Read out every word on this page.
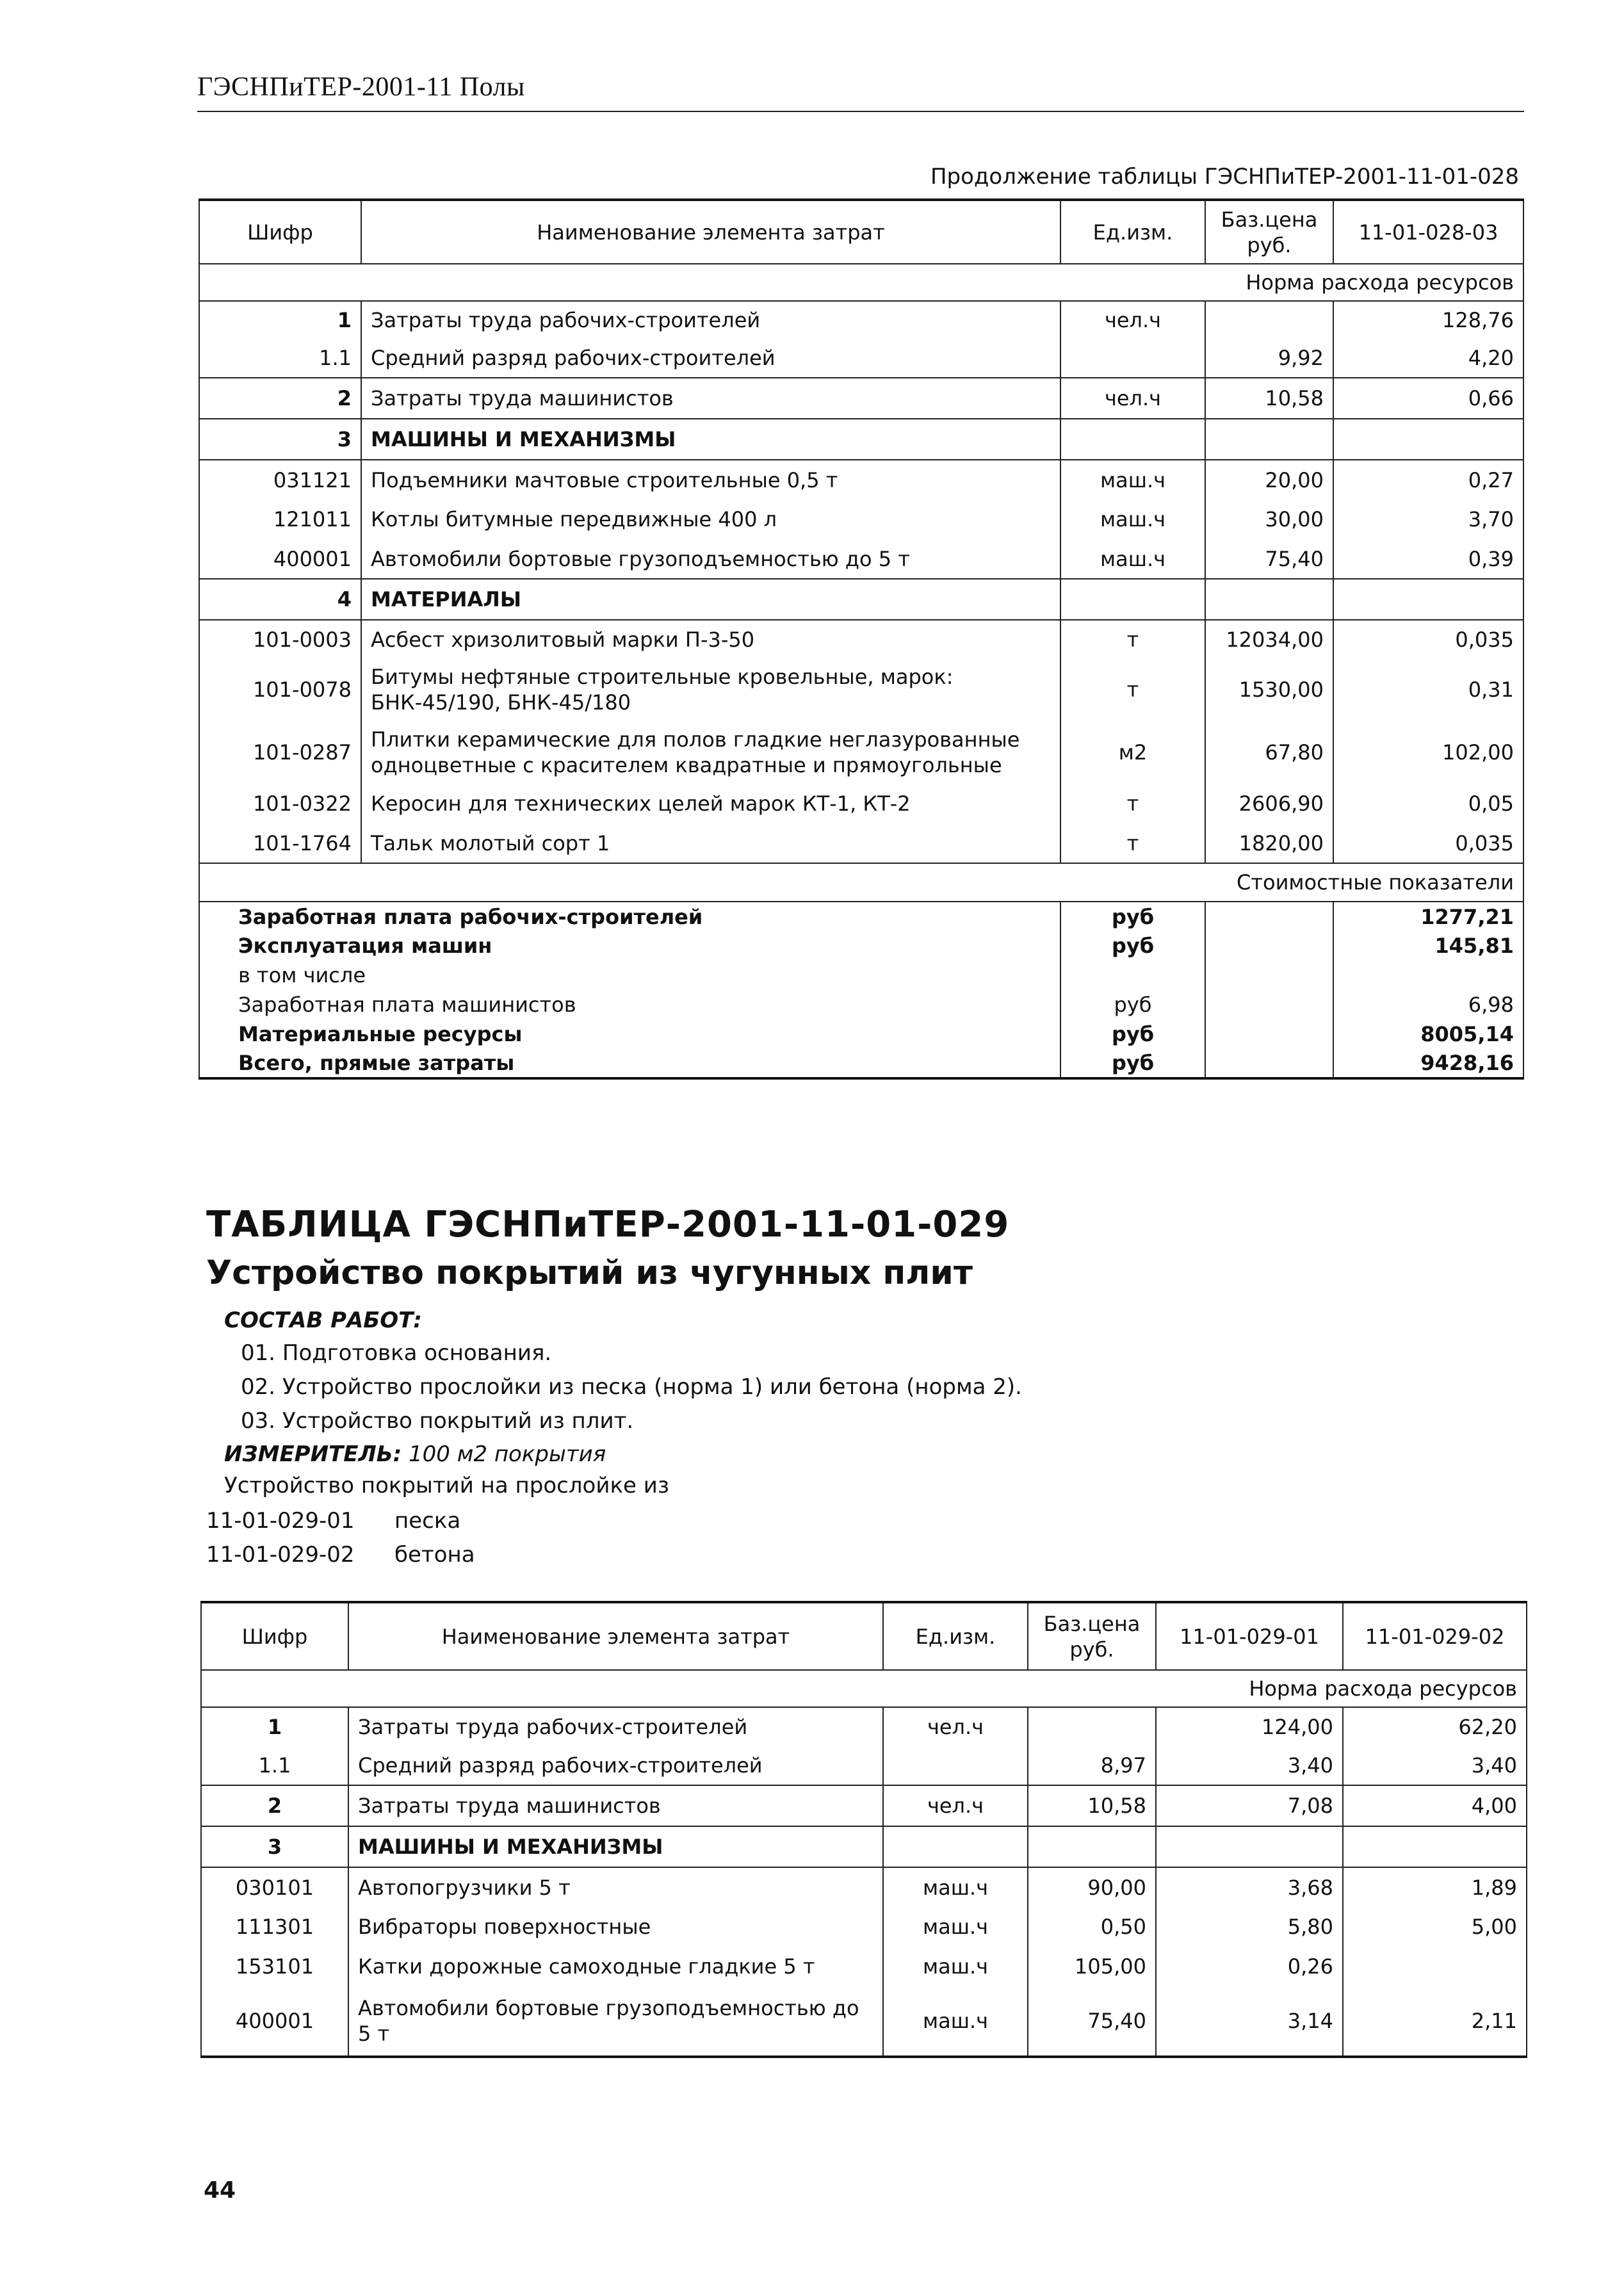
ГЭСНПиТЕР-2001-11 Полы
Продолжение таблицы ГЭСНПиТЕР-2001-11-01-028
Шифр	Наименование элемента затрат	Ед.изм.	Баз.цена руб.	11-01-028-03
Норма расхода ресурсов				
1	Затраты труда рабочих-строителей	чел.ч		128,76
1.1	Средний разряд рабочих-строителей		9,92	4,20
2	Затраты труда машинистов	чел.ч	10,58	0,66
3	МАШИНЫ И МЕХАНИЗМЫ			
031121	Подъемники мачтовые строительные 0,5 т	маш.ч	20,00	0,27
121011	Котлы битумные передвижные 400 л	маш.ч	30,00	3,70
400001	Автомобили бортовые грузоподъемностью до 5 т	маш.ч	75,40	0,39
4	МАТЕРИАЛЫ			
101-0003	Асбест хризолитовый марки П-3-50	т	12034,00	0,035
101-0078	Битумы нефтяные строительные кровельные, марок: БНК-45/190, БНК-45/180	т	1530,00	0,31
101-0287	Плитки керамические для полов гладкие неглазурованные одноцветные с красителем квадратные и прямоугольные	м2	67,80	102,00
101-0322	Керосин для технических целей марок КТ-1, КТ-2	т	2606,90	0,05
101-1764	Тальк молотый сорт 1	т	1820,00	0,035
Стоимостные показатели				
Заработная плата рабочих-строителей		руб		1277,21
Эксплуатация машин		руб		145,81
в том числе				
Заработная плата машинистов		руб		6,98
Материальные ресурсы		руб		8005,14
Всего, прямые затраты		руб		9428,16
ТАБЛИЦА ГЭСНПиТЕР-2001-11-01-029
Устройство покрытий из чугунных плит
СОСТАВ РАБОТ:
01. Подготовка основания.
02. Устройство прослойки из песка (норма 1) или бетона (норма 2).
03. Устройство покрытий из плит.
ИЗМЕРИТЕЛЬ: 100 м2 покрытия
Устройство покрытий на прослойке из
11-01-029-01 песка
11-01-029-02 бетона
Шифр	Наименование элемента затрат	Ед.изм.	Баз.цена руб.	11-01-029-01	11-01-029-02
Норма расхода ресурсов					
1	Затраты труда рабочих-строителей	чел.ч		124,00	62,20
1.1	Средний разряд рабочих-строителей		8,97	3,40	3,40
2	Затраты труда машинистов	чел.ч	10,58	7,08	4,00
3	МАШИНЫ И МЕХАНИЗМЫ				
030101	Автопогрузчики 5 т	маш.ч	90,00	3,68	1,89
111301	Вибраторы поверхностные	маш.ч	0,50	5,80	5,00
153101	Катки дорожные самоходные гладкие 5 т	маш.ч	105,00	0,26	
400001	Автомобили бортовые грузоподъемностью до 5 т	маш.ч	75,40	3,14	2,11
44
